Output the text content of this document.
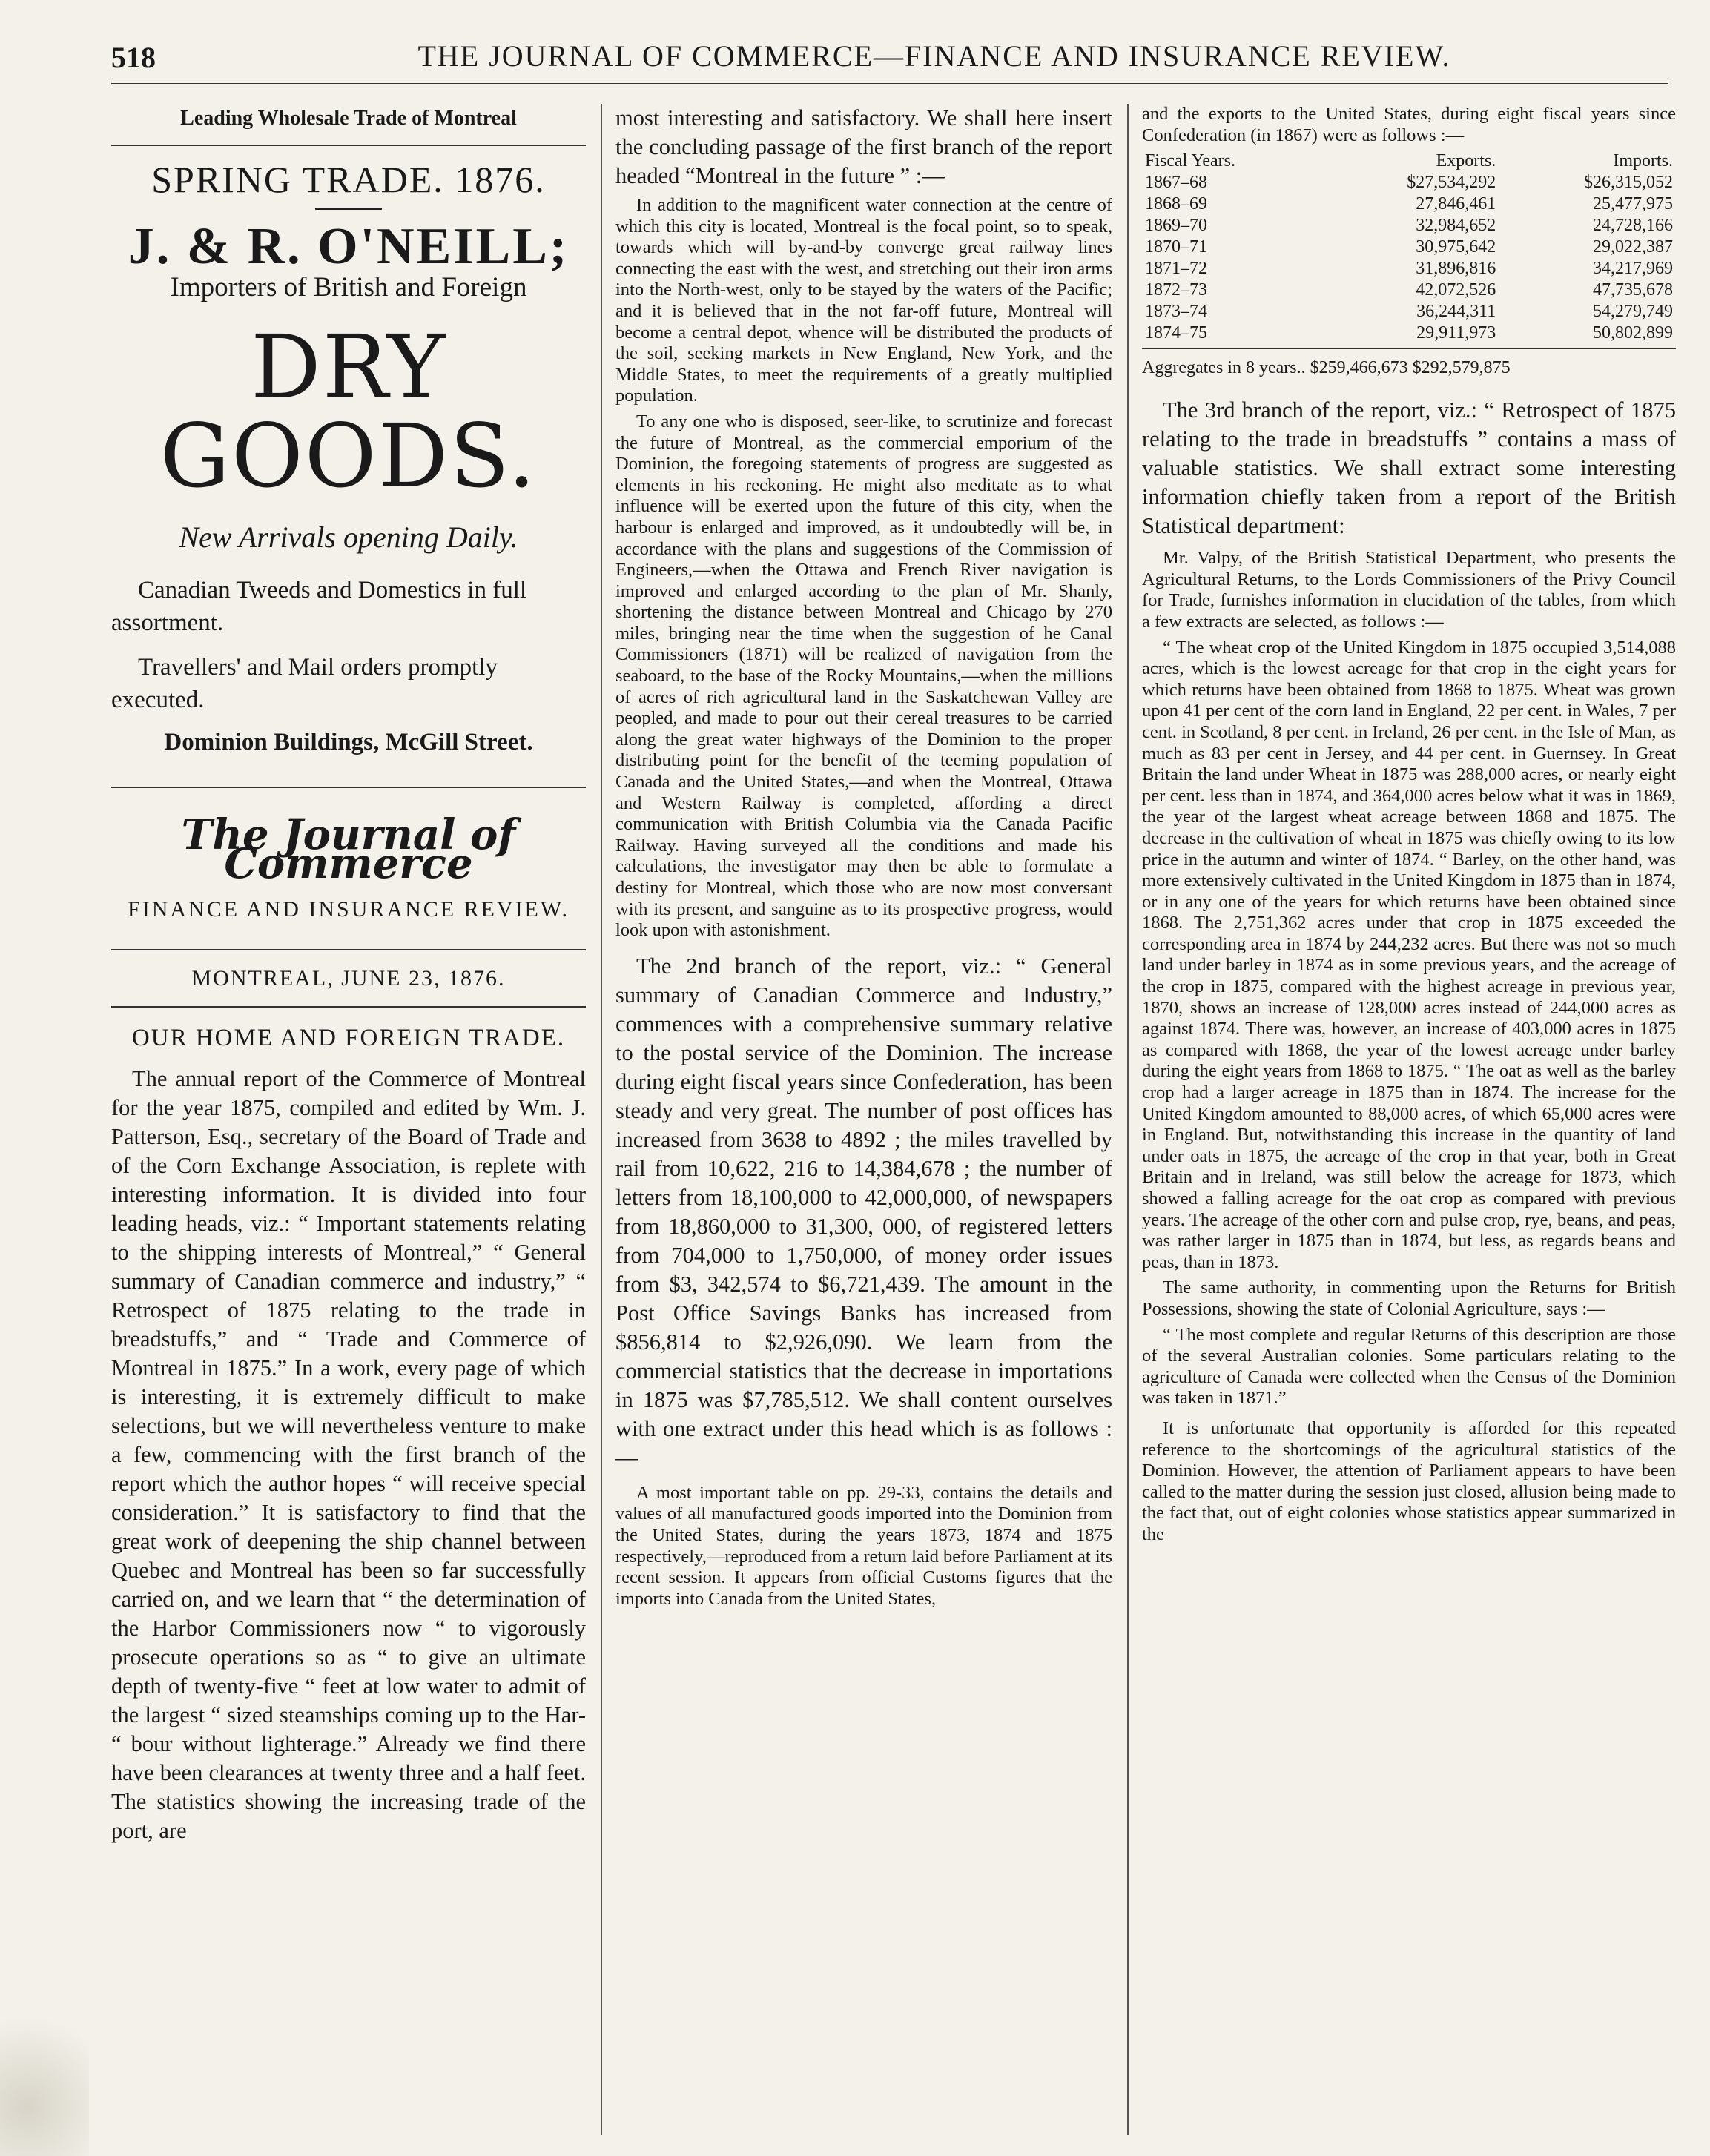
518	THE JOURNAL OF COMMERCE—FINANCE AND INSURANCE REVIEW.
Leading Wholesale Trade of Montreal
SPRING TRADE. 1876.
J. & R. O'NEILL;
Importers of British and Foreign
DRY GOODS.
New Arrivals opening Daily.
Canadian Tweeds and Domestics in full assortment.
Travellers' and Mail orders promptly executed.
Dominion Buildings, McGill Street.
The Journal of Commerce
FINANCE AND INSURANCE REVIEW.
MONTREAL, JUNE 23, 1876.
OUR HOME AND FOREIGN TRADE.

The annual report of the Commerce of Montreal for the year 1875, compiled and edited by Wm. J. Patterson, Esq., secretary of the Board of Trade and of the Corn Exchange Association, is replete with interesting information. It is divided into four leading heads, viz.: “ Important statements relating to the shipping interests of Montreal,” “ General summary of Canadian commerce and industry,” “ Retrospect of 1875 relating to the trade in breadstuffs,” and “ Trade and Commerce of Montreal in 1875.” In a work, every page of which is interesting, it is extremely difficult to make selections, but we will nevertheless venture to make a few, commencing with the first branch of the report which the author hopes “ will receive special consideration.” It is satisfactory to find that the great work of deepening the ship channel between Quebec and Montreal has been so far successfully carried on, and we learn that “ the determination of the Harbor Commissioners now “ to vigorously prosecute operations so as “ to give an ultimate depth of twenty-five “ feet at low water to admit of the largest “ sized steamships coming up to the Har- “ bour without lighterage.” Already we find there have been clearances at twenty three and a half feet. The statistics showing the increasing trade of the port, are

most interesting and satisfactory. We shall here insert the concluding passage of the first branch of the report headed “Montreal in the future ” :—

In addition to the magnificent water connection at the centre of which this city is located, Montreal is the focal point, so to speak, towards which will by-and-by converge great railway lines connecting the east with the west, and stretching out their iron arms into the North-west, only to be stayed by the waters of the Pacific; and it is believed that in the not far-off future, Montreal will become a central depot, whence will be distributed the products of the soil, seeking markets in New England, New York, and the Middle States, to meet the requirements of a greatly multiplied population.

To any one who is disposed, seer-like, to scrutinize and forecast the future of Montreal, as the commercial emporium of the Dominion, the foregoing statements of progress are suggested as elements in his reckoning. He might also meditate as to what influence will be exerted upon the future of this city, when the harbour is enlarged and improved, as it undoubtedly will be, in accordance with the plans and suggestions of the Commission of Engineers,—when the Ottawa and French River navigation is improved and enlarged according to the plan of Mr. Shanly, shortening the distance between Montreal and Chicago by 270 miles, bringing near the time when the suggestion of he Canal Commissioners (1871) will be realized of navigation from the seaboard, to the base of the Rocky Mountains,—when the millions of acres of rich agricultural land in the Saskatchewan Valley are peopled, and made to pour out their cereal treasures to be carried along the great water highways of the Dominion to the proper distributing point for the benefit of the teeming population of Canada and the United States,—and when the Montreal, Ottawa and Western Railway is completed, affording a direct communication with British Columbia via the Canada Pacific Railway. Having surveyed all the conditions and made his calculations, the investigator may then be able to formulate a destiny for Montreal, which those who are now most conversant with its present, and sanguine as to its prospective progress, would look upon with astonishment.

The 2nd branch of the report, viz.: “ General summary of Canadian Commerce and Industry,” commences with a comprehensive summary relative to the postal service of the Dominion. The increase during eight fiscal years since Confederation, has been steady and very great. The number of post offices has increased from 3638 to 4892 ; the miles travelled by rail from 10,622, 216 to 14,384,678 ; the number of letters from 18,100,000 to 42,000,000, of newspapers from 18,860,000 to 31,300, 000, of registered letters from 704,000 to 1,750,000, of money order issues from $3, 342,574 to $6,721,439. The amount in the Post Office Savings Banks has increased from $856,814 to $2,926,090. We learn from the commercial statistics that the decrease in importations in 1875 was $7,785,512. We shall content ourselves with one extract under this head which is as follows :—

A most important table on pp. 29-33, contains the details and values of all manufactured goods imported into the Dominion from the United States, during the years 1873, 1874 and 1875 respectively,—reproduced from a return laid before Parliament at its recent session. It appears from official Customs figures that the imports into Canada from the United States,

and the exports to the United States, during eight fiscal years since Confederation (in 1867) were as follows :—

Fiscal Years.	Exports.	Imports.
1867–68	$27,534,292	$26,315,052
1868–69	27,846,461	25,477,975
1869–70	32,984,652	24,728,166
1870–71	30,975,642	29,022,387
1871–72	31,896,816	34,217,969
1872–73	42,072,526	47,735,678
1873–74	36,244,311	54,279,749
1874–75	29,911,973	50,802,899
Aggregates in 8 years.. $259,466,673 $292,579,875

The 3rd branch of the report, viz.: “ Retrospect of 1875 relating to the trade in breadstuffs ” contains a mass of valuable statistics. We shall extract some interesting information chiefly taken from a report of the British Statistical department:

Mr. Valpy, of the British Statistical Department, who presents the Agricultural Returns, to the Lords Commissioners of the Privy Council for Trade, furnishes information in elucidation of the tables, from which a few extracts are selected, as follows :—

“ The wheat crop of the United Kingdom in 1875 occupied 3,514,088 acres, which is the lowest acreage for that crop in the eight years for which returns have been obtained from 1868 to 1875. Wheat was grown upon 41 per cent of the corn land in England, 22 per cent. in Wales, 7 per cent. in Scotland, 8 per cent. in Ireland, 26 per cent. in the Isle of Man, as much as 83 per cent in Jersey, and 44 per cent. in Guernsey. In Great Britain the land under Wheat in 1875 was 288,000 acres, or nearly eight per cent. less than in 1874, and 364,000 acres below what it was in 1869, the year of the largest wheat acreage between 1868 and 1875. The decrease in the cultivation of wheat in 1875 was chiefly owing to its low price in the autumn and winter of 1874. “ Barley, on the other hand, was more extensively cultivated in the United Kingdom in 1875 than in 1874, or in any one of the years for which returns have been obtained since 1868. The 2,751,362 acres under that crop in 1875 exceeded the corresponding area in 1874 by 244,232 acres. But there was not so much land under barley in 1874 as in some previous years, and the acreage of the crop in 1875, compared with the highest acreage in previous year, 1870, shows an increase of 128,000 acres instead of 244,000 acres as against 1874. There was, however, an increase of 403,000 acres in 1875 as compared with 1868, the year of the lowest acreage under barley during the eight years from 1868 to 1875. “ The oat as well as the barley crop had a larger acreage in 1875 than in 1874. The increase for the United Kingdom amounted to 88,000 acres, of which 65,000 acres were in England. But, notwithstanding this increase in the quantity of land under oats in 1875, the acreage of the crop in that year, both in Great Britain and in Ireland, was still below the acreage for 1873, which showed a falling acreage for the oat crop as compared with previous years. The acreage of the other corn and pulse crop, rye, beans, and peas, was rather larger in 1875 than in 1874, but less, as regards beans and peas, than in 1873.

The same authority, in commenting upon the Returns for British Possessions, showing the state of Colonial Agriculture, says :—

“ The most complete and regular Returns of this description are those of the several Australian colonies. Some particulars relating to the agriculture of Canada were collected when the Census of the Dominion was taken in 1871.”

It is unfortunate that opportunity is afforded for this repeated reference to the shortcomings of the agricultural statistics of the Dominion. However, the attention of Parliament appears to have been called to the matter during the session just closed, allusion being made to the fact that, out of eight colonies whose statistics appear summarized in the
